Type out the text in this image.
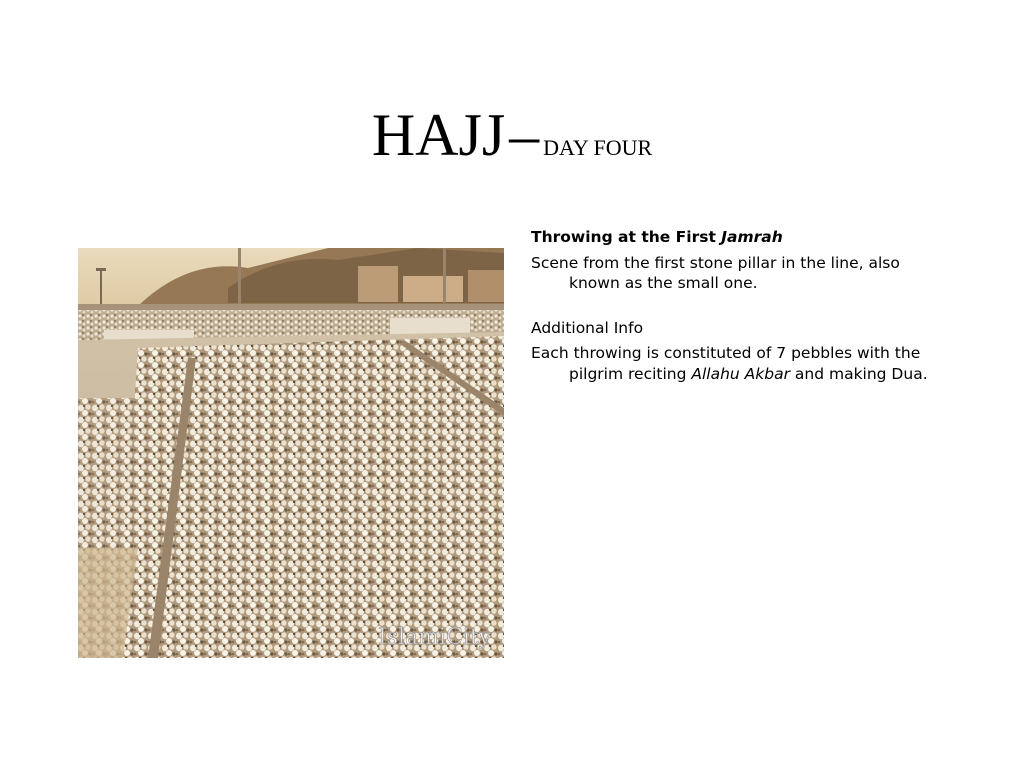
HAJJ – DAY FOUR
IslamiCity

Throwing at the First Jamrah

Scene from the first stone pillar in the line, also known as the small one.

Additional Info

Each throwing is constituted of 7 pebbles with the pilgrim reciting Allahu Akbar and making Dua.
